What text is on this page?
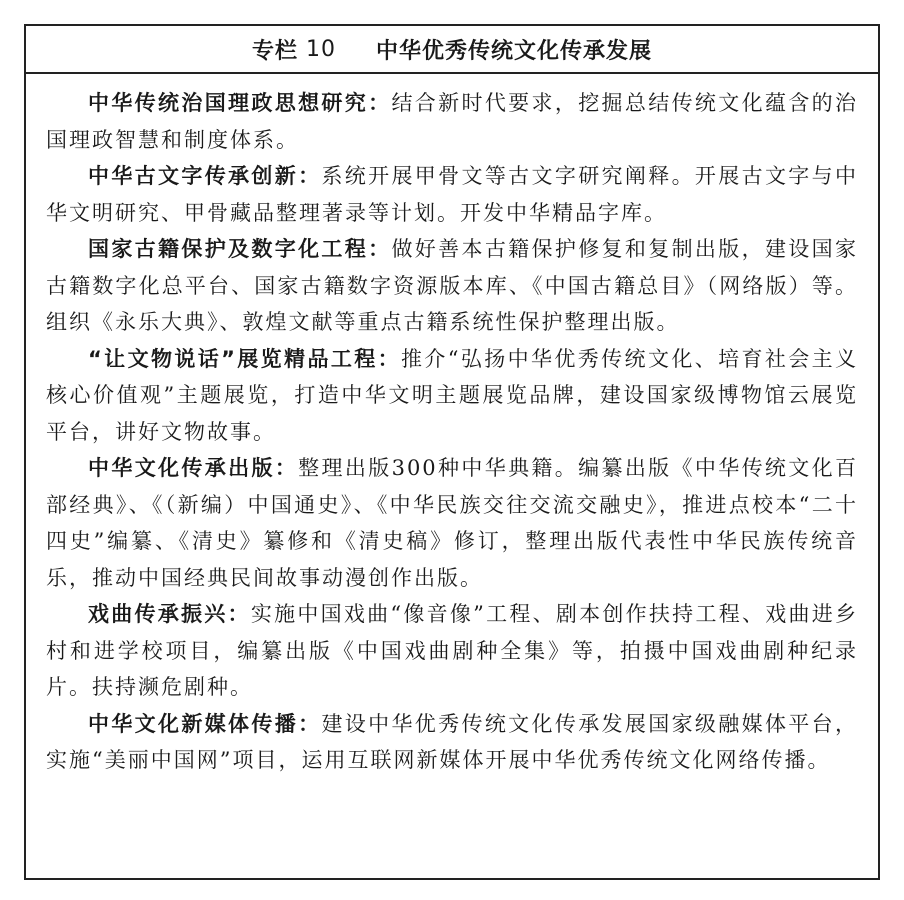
专栏 10 中华优秀传统文化传承发展

中华传统治国理政思想研究：结合新时代要求，挖掘总结传统文化蕴含的治国理政智慧和制度体系。

中华古文字传承创新：系统开展甲骨文等古文字研究阐释。开展古文字与中华文明研究、甲骨藏品整理著录等计划。开发中华精品字库。

国家古籍保护及数字化工程：做好善本古籍保护修复和复制出版，建设国家古籍数字化总平台、国家古籍数字资源版本库、《中国古籍总目》（网络版）等。组织《永乐大典》、敦煌文献等重点古籍系统性保护整理出版。

“让文物说话”展览精品工程：推介“弘扬中华优秀传统文化、培育社会主义核心价值观”主题展览，打造中华文明主题展览品牌，建设国家级博物馆云展览平台，讲好文物故事。

中华文化传承出版：整理出版300种中华典籍。编纂出版《中华传统文化百部经典》、《（新编）中国通史》、《中华民族交往交流交融史》，推进点校本“二十四史”编纂、《清史》纂修和《清史稿》修订，整理出版代表性中华民族传统音乐，推动中国经典民间故事动漫创作出版。

戏曲传承振兴：实施中国戏曲“像音像”工程、剧本创作扶持工程、戏曲进乡村和进学校项目，编纂出版《中国戏曲剧种全集》等，拍摄中国戏曲剧种纪录片。扶持濒危剧种。

中华文化新媒体传播：建设中华优秀传统文化传承发展国家级融媒体平台，实施“美丽中国网”项目，运用互联网新媒体开展中华优秀传统文化网络传播。
